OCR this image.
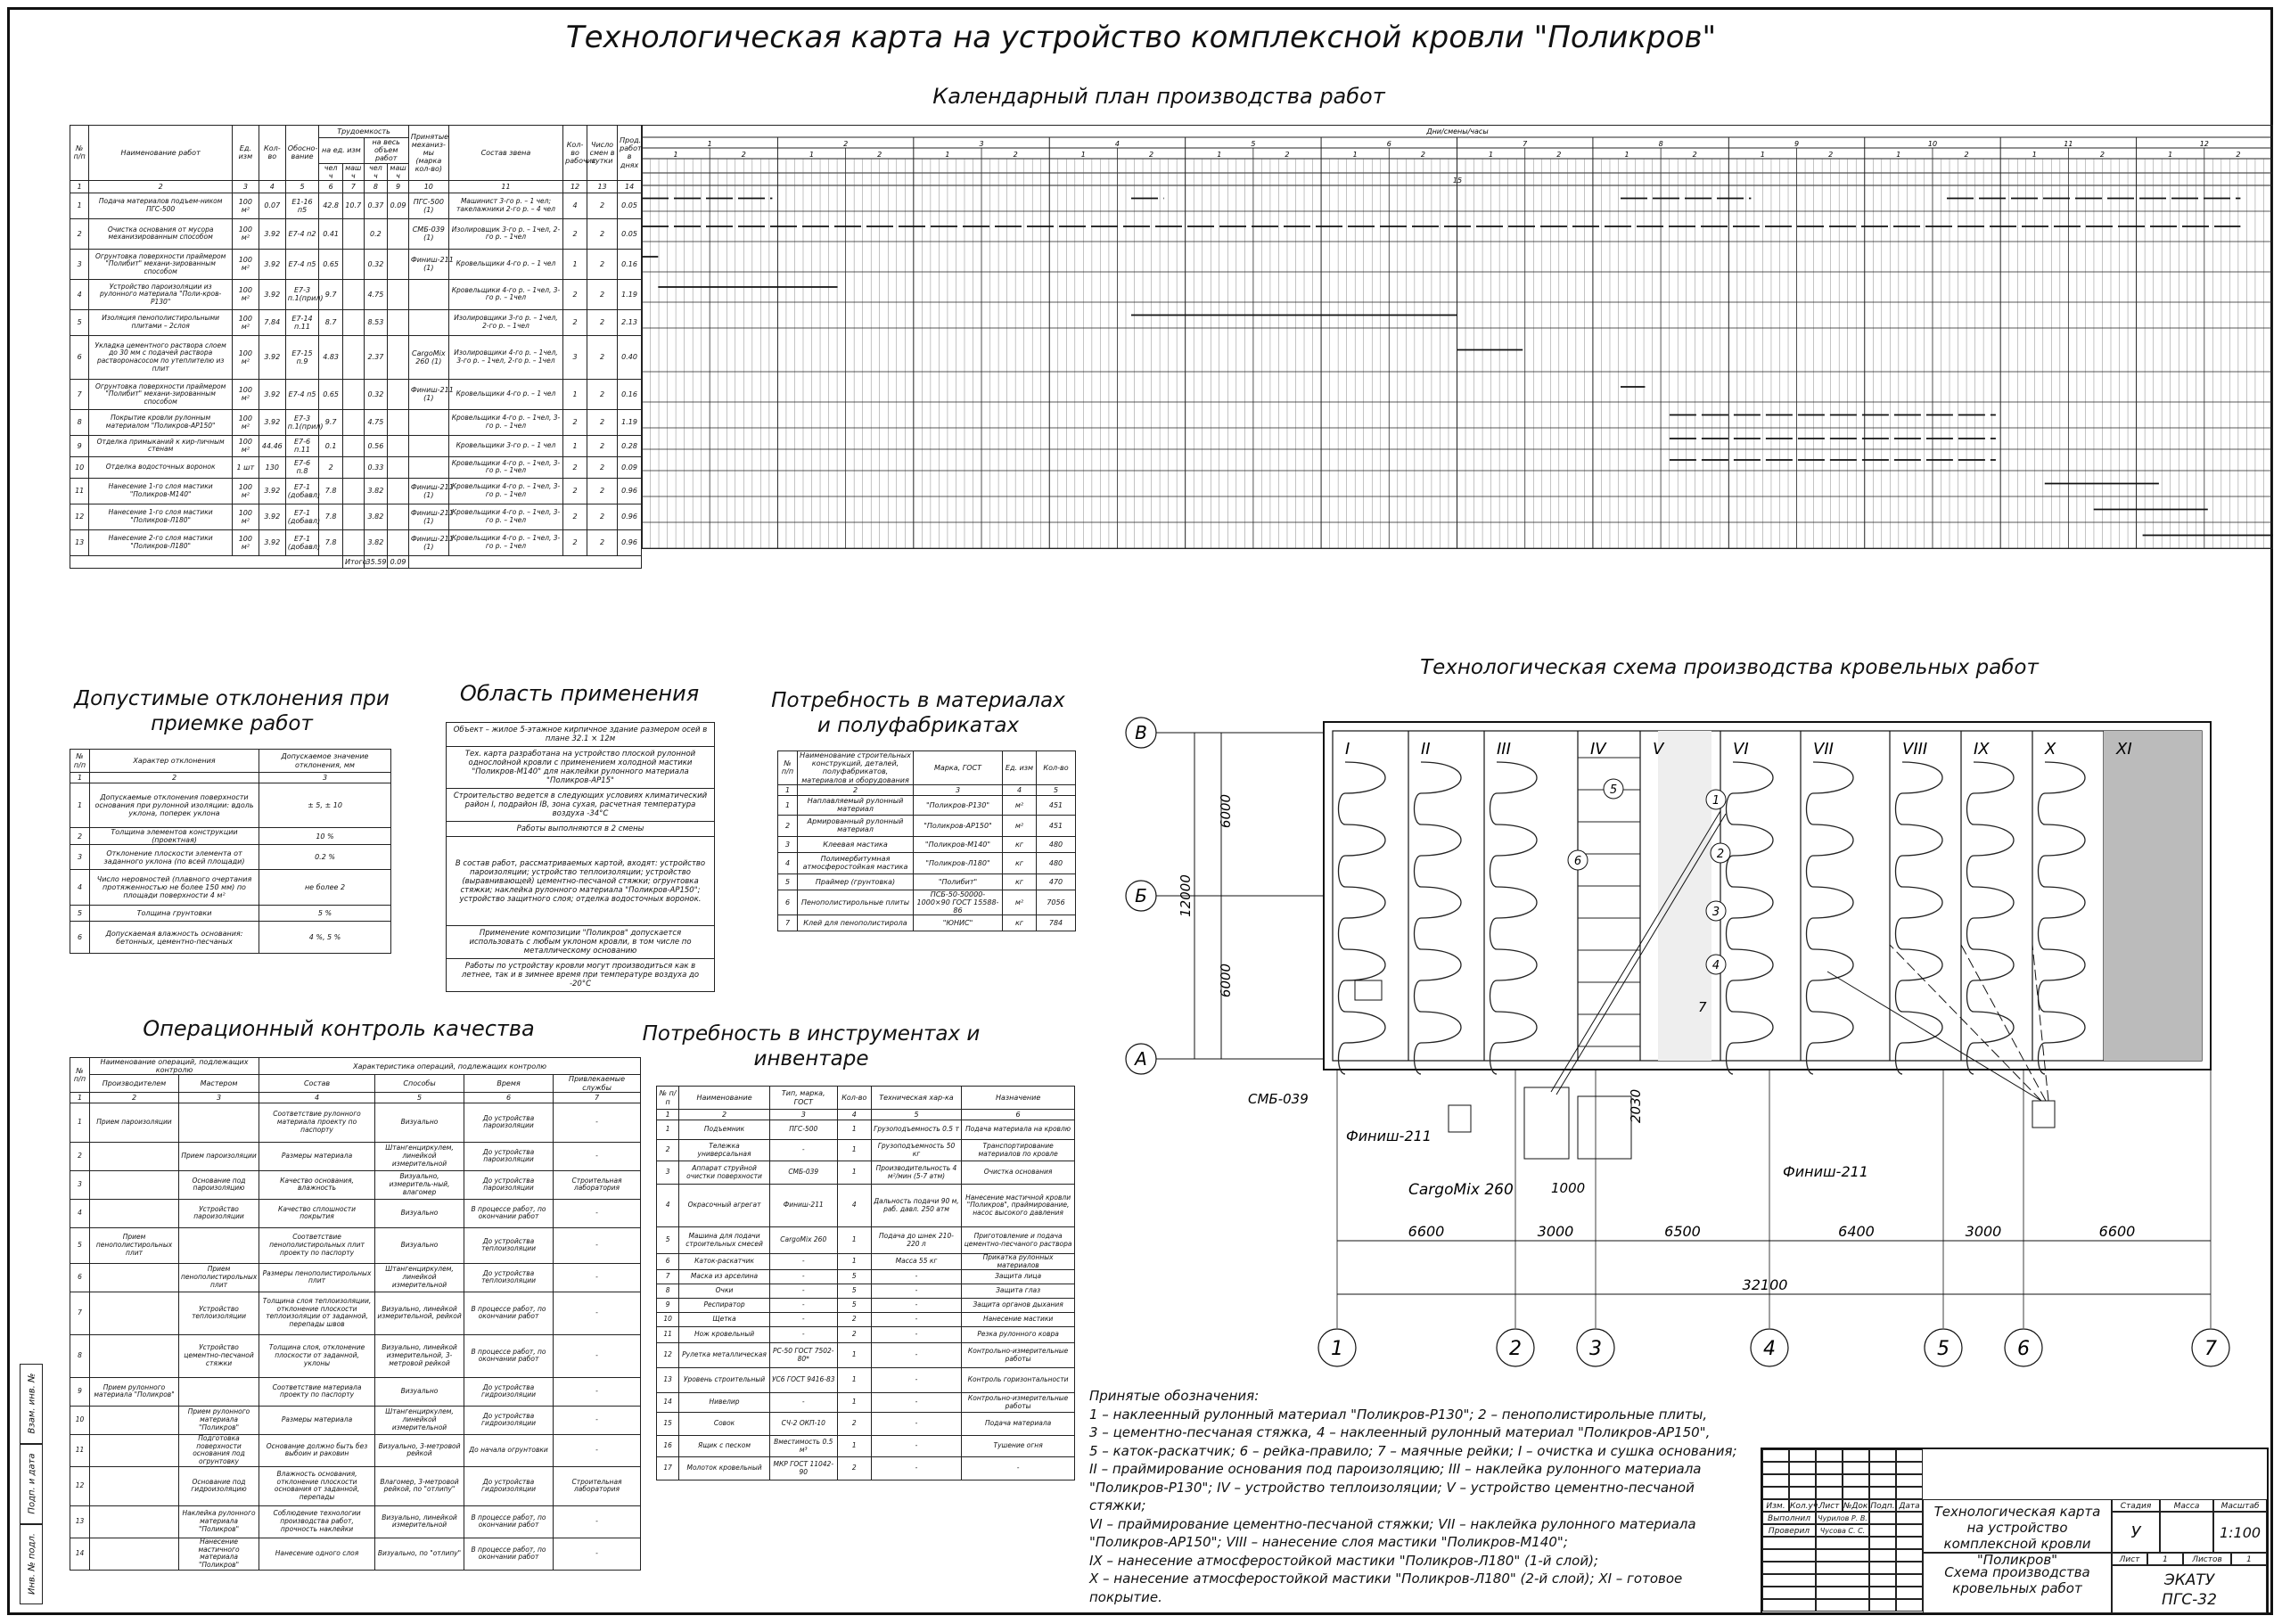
Технологическая карта на устройство комплексной кровли "Поликров"
Календарный план производства работ
№ п/п	Наименование работ	Ед. изм	Кол-во	Обосно-вание	Трудоемкость				Принятые механиз-мы (марка кол-во)	Состав звена	Кол-во рабочих	Число смен в сутки	Прод. работ в днях
					на ед. изм		на весь объем работ						
					чел ч	маш ч	чел ч	маш ч					
1	2	3	4	5	6	7	8	9	10	11	12	13	14
1	Подача материалов подъем-ником ПГС-500	100 м²	0.07	Е1-16 п5	42.8	10.7	0.37	0.09	ПГС-500 (1)	Машинист 3-го р. – 1 чел; такелажники 2-го р. – 4 чел	4	2	0.05
2	Очистка основания от мусора механизированным способом	100 м²	3.92	Е7-4 п2	0.41		0.2		СМБ-039 (1)	Изолировщик 3-го р. – 1чел, 2-го р. – 1чел	2	2	0.05
3	Огрунтовка поверхности праймером "Полибит" механи-зированным способом	100 м²	3.92	Е7-4 п5	0.65		0.32		Финиш-211 (1)	Кровельщики 4-го р. – 1 чел	1	2	0.16
4	Устройство пароизоляции из рулонного материала "Поли-кров-Р130"	100 м²	3.92	Е7-3 п.1(прил)	9.7		4.75			Кровельщики 4-го р. – 1чел, 3-го р. – 1чел	2	2	1.19
5	Изоляция пенополистирольными плитами – 2слоя	100 м²	7.84	Е7-14 п.11	8.7		8.53			Изолировщики 3-го р. – 1чел, 2-го р. – 1чел	2	2	2.13
6	Укладка цементного раствора слоем до 30 мм с подачей раствора растворонасосом по утеплителю из плит	100 м²	3.92	Е7-15 п.9	4.83		2.37		CargoMix 260 (1)	Изолировщики 4-го р. – 1чел, 3-го р. – 1чел, 2-го р. – 1чел	3	2	0.40
7	Огрунтовка поверхности праймером "Полибит" механи-зированным способом	100 м²	3.92	Е7-4 п5	0.65		0.32		Финиш-211 (1)	Кровельщики 4-го р. – 1 чел	1	2	0.16
8	Покрытие кровли рулонным материалом "Поликров-АР150"	100 м²	3.92	Е7-3 п.1(прил)	9.7		4.75			Кровельщики 4-го р. – 1чел, 3-го р. – 1чел	2	2	1.19
9	Отделка примыканий к кир-пичным стенам	100 м²	44.46	Е7-6 п.11	0.1		0.56			Кровельщики 3-го р. – 1 чел	1	2	0.28
10	Отделка водосточных воронок	1 шт	130	Е7-6 п.8	2		0.33			Кровельщики 4-го р. – 1чел, 3-го р. – 1чел	2	2	0.09
11	Нанесение 1-го слоя мастики "Поликров-М140"	100 м²	3.92	Е7-1 (добавл)	7.8		3.82		Финиш-211 (1)	Кровельщики 4-го р. – 1чел, 3-го р. – 1чел	2	2	0.96
12	Нанесение 1-го слоя мастики "Поликров-Л180"	100 м²	3.92	Е7-1 (добавл)	7.8		3.82		Финиш-211 (1)	Кровельщики 4-го р. – 1чел, 3-го р. – 1чел	2	2	0.96
13	Нанесение 2-го слоя мастики "Поликров-Л180"	100 м²	3.92	Е7-1 (добавл)	7.8		3.82		Финиш-211 (1)	Кровельщики 4-го р. – 1чел, 3-го р. – 1чел	2	2	0.96
						Итого	35.59	0.09					
Дни/смены/часы
1
1	2
2
1	2
3
1	2
4
1	2
5
1	2
6
1	2
7
1	2
8
1	2
9
1	2
10
1	2
11
1	2
12
1	2
15
Допустимые отклонения при приемке работ
№ п/п	Характер отклонения	Допускаемое значение отклонения, мм
1	2	3
1	Допускаемые отклонения поверхности основания при рулонной изоляции: вдоль уклона, поперек уклона	± 5, ± 10
2	Толщина элементов конструкции (проектная)	10 %
3	Отклонение плоскости элемента от заданного уклона (по всей площади)	0.2 %
4	Число неровностей (плавного очертания протяженностью не более 150 мм) по площади поверхности 4 м²	не более 2
5	Толщина грунтовки	5 %
6	Допускаемая влажность основания: бетонных, цементно-песчаных	4 %, 5 %
Область применения
Объект – жилое 5-этажное кирпичное здание размером осей в плане 32.1 × 12м
Тех. карта разработана на устройство плоской рулонной однослойной кровли с применением холодной мастики "Поликров-М140" для наклейки рулонного материала "Поликров-АР15"
Строительство ведется в следующих условиях климатический район I, подрайон IВ, зона сухая, расчетная температура воздуха -34°С
Работы выполняются в 2 смены
В состав работ, рассматриваемых картой, входят: устройство пароизоляции; устройство теплоизоляции; устройство (выравнивающей) цементно-песчаной стяжки; огрунтовка стяжки; наклейка рулонного материала "Поликров-АР150"; устройство защитного слоя; отделка водосточных воронок.
Применение композиции "Поликров" допускается использовать с любым уклоном кровли, в том числе по металлическому основанию
Работы по устройству кровли могут производиться как в летнее, так и в зимнее время при температуре воздуха до -20°С
Потребность в материалах и полуфабрикатах
№ п/п	Наименование строительных конструкций, деталей, полуфабрикатов, материалов и оборудования	Марка, ГОСТ	Ед. изм	Кол-во
1	2	3	4	5
1	Наплавляемый рулонный материал	"Поликров-Р130"	м²	451
2	Армированный рулонный материал	"Поликров-АР150"	м²	451
3	Клеевая мастика	"Поликров-М140"	кг	480
4	Полимербитумная атмосферостойкая мастика	"Поликров-Л180"	кг	480
5	Праймер (грунтовка)	"Полибит"	кг	470
6	Пенополистирольные плиты	ПСБ-50-50000-1000×90 ГОСТ 15588-86	м²	7056
7	Клей для пенополистирола	"ЮНИС"	кг	784
Операционный контроль качества
№ п/п	Наименование операций, подлежащих контролю		Характеристика операций, подлежащих контролю			
	Производителем	Мастером	Состав	Способы	Время	Привлекаемые службы
1	2	3	4	5	6	7
1	Прием пароизоляции		Соответствие рулонного материала проекту по паспорту	Визуально	До устройства пароизоляции	-
2		Прием пароизоляции	Размеры материала	Штангенциркулем, линейкой измерительной	До устройства пароизоляции	-
3		Основание под пароизоляцию	Качество основания, влажность	Визуально, измеритель-ный, влагомер	До устройства пароизоляции	Строительная лаборатория
4		Устройство пароизоляции	Качество сплошности покрытия	Визуально	В процессе работ, по окончании работ	-
5	Прием пенополистирольных плит		Соответствие пенополистирольных плит проекту по паспорту	Визуально	До устройства теплоизоляции	-
6		Прием пенополистирольных плит	Размеры пенополистирольных плит	Штангенциркулем, линейкой измерительной	До устройства теплоизоляции	-
7		Устройство теплоизоляции	Толщина слоя теплоизоляции, отклонение плоскости теплоизоляции от заданной, перепады швов	Визуально, линейкой измерительной, рейкой	В процессе работ, по окончании работ	-
8		Устройство цементно-песчаной стяжки	Толщина слоя, отклонение плоскости от заданной, уклоны	Визуально, линейкой измерительной, 3-метровой рейкой	В процессе работ, по окончании работ	-
9	Прием рулонного материала "Поликров"		Соответствие материала проекту по паспорту	Визуально	До устройства гидроизоляции	-
10		Прием рулонного материала "Поликров"	Размеры материала	Штангенциркулем, линейкой измерительной	До устройства гидроизоляции	-
11		Подготовка поверхности основания под огрунтовку	Основание должно быть без выбоин и раковин	Визуально, 3-метровой рейкой	До начала огрунтовки	-
12		Основание под гидроизоляцию	Влажность основания, отклонение плоскости основания от заданной, перепады	Влагомер, 3-метровой рейкой, по "отлипу"	До устройства гидроизоляции	Строительная лаборатория
13		Наклейка рулонного материала "Поликров"	Соблюдение технологии производства работ, прочность наклейки	Визуально, линейкой измерительной	В процессе работ, по окончании работ	-
14		Нанесение мастичного материала "Поликров"	Нанесение одного слоя	Визуально, по "отлипу"	В процессе работ, по окончании работ	-
Потребность в инструментах и инвентаре
№ п/п	Наименование	Тип, марка, ГОСТ	Кол-во	Техническая хар-ка	Назначение
1	2	3	4	5	6
1	Подъемник	ПГС-500	1	Грузоподъемность 0.5 т	Подача материала на кровлю
2	Тележка универсальная	-	1	Грузоподъемность 50 кг	Транспортирование материалов по кровле
3	Аппарат струйной очистки поверхности	СМБ-039	1	Производительность 4 м²/мин (5-7 атм)	Очистка основания
4	Окрасочный агрегат	Финиш-211	4	Дальность подачи 90 м, раб. давл. 250 атм	Нанесение мастичной кровли "Поликров", праймирование, насос высокого давления
5	Машина для подачи строительных смесей	CargoMix 260	1	Подача до шнек 210-220 л	Приготовление и подача цементно-песчаного раствора
6	Каток-раскатчик	-	1	Масса 55 кг	Прикатка рулонных материалов
7	Маска из арселина	-	5	-	Защита лица
8	Очки	-	5	-	Защита глаз
9	Респиратор	-	5	-	Защита органов дыхания
10	Щетка	-	2	-	Нанесение мастики
11	Нож кровельный	-	2	-	Резка рулонного ковра
12	Рулетка металлическая	РС-50 ГОСТ 7502-80*	1	-	Контрольно-измерительные работы
13	Уровень строительный	УС6 ГОСТ 9416-83	1	-	Контроль горизонтальности
14	Нивелир	-	1	-	Контрольно-измерительные работы
15	Совок	СЧ-2 ОКП-10	2	-	Подача материала
16	Ящик с песком	Вместимость 0.5 м³	1	-	Тушение огня
17	Молоток кровельный	МКР ГОСТ 11042-90	2	-	-
Технологическая схема производства кровельных работ
I	II	III	IV	V	VI	VII	VIII	IX	X	XI
В
Б
А
6000
6000
12000
1	2	3	4	5	6	7
6600	3000	6500	6400	3000	6600
32100
СМБ-039
Финиш-211
CargoMix 260
Финиш-211
1000
2030
1
2
3
4
5
6
7
Принятые обозначения:
1 – наклеенный рулонный материал "Поликров-Р130"; 2 – пенополистирольные плиты,
3 – цементно-песчаная стяжка, 4 – наклеенный рулонный материал "Поликров-АР150",
5 – каток-раскатчик; 6 – рейка-правило; 7 – маячные рейки; I – очистка и сушка основания;
II – праймирование основания под пароизоляцию; III – наклейка рулонного материала
"Поликров-Р130"; IV – устройство теплоизоляции; V – устройство цементно-песчаной стяжки;
VI – праймирование цементно-песчаной стяжки; VII – наклейка рулонного материала
"Поликров-АР150"; VIII – нанесение слоя мастики "Поликров-М140";
IX – нанесение атмосферостойкой мастики "Поликров-Л180" (1-й слой);
X – нанесение атмосферостойкой мастики "Поликров-Л180" (2-й слой); XI – готовое покрытие.
Изм. Кол.уч.
Лист №Док. Подп. Дата
Выполнил	Чурилов Р. В.
Проверил	Чусова С. С.
Технологическая карта на устройство комплексной кровли "Поликров"
Схема производства кровельных работ
Стадия	Масса	Масштаб
У	1:100
Лист	1	Листов	1
ЭКАТУ
ПГС-32
Инв. № подл.
Подп. и дата
Взам. инв. №
